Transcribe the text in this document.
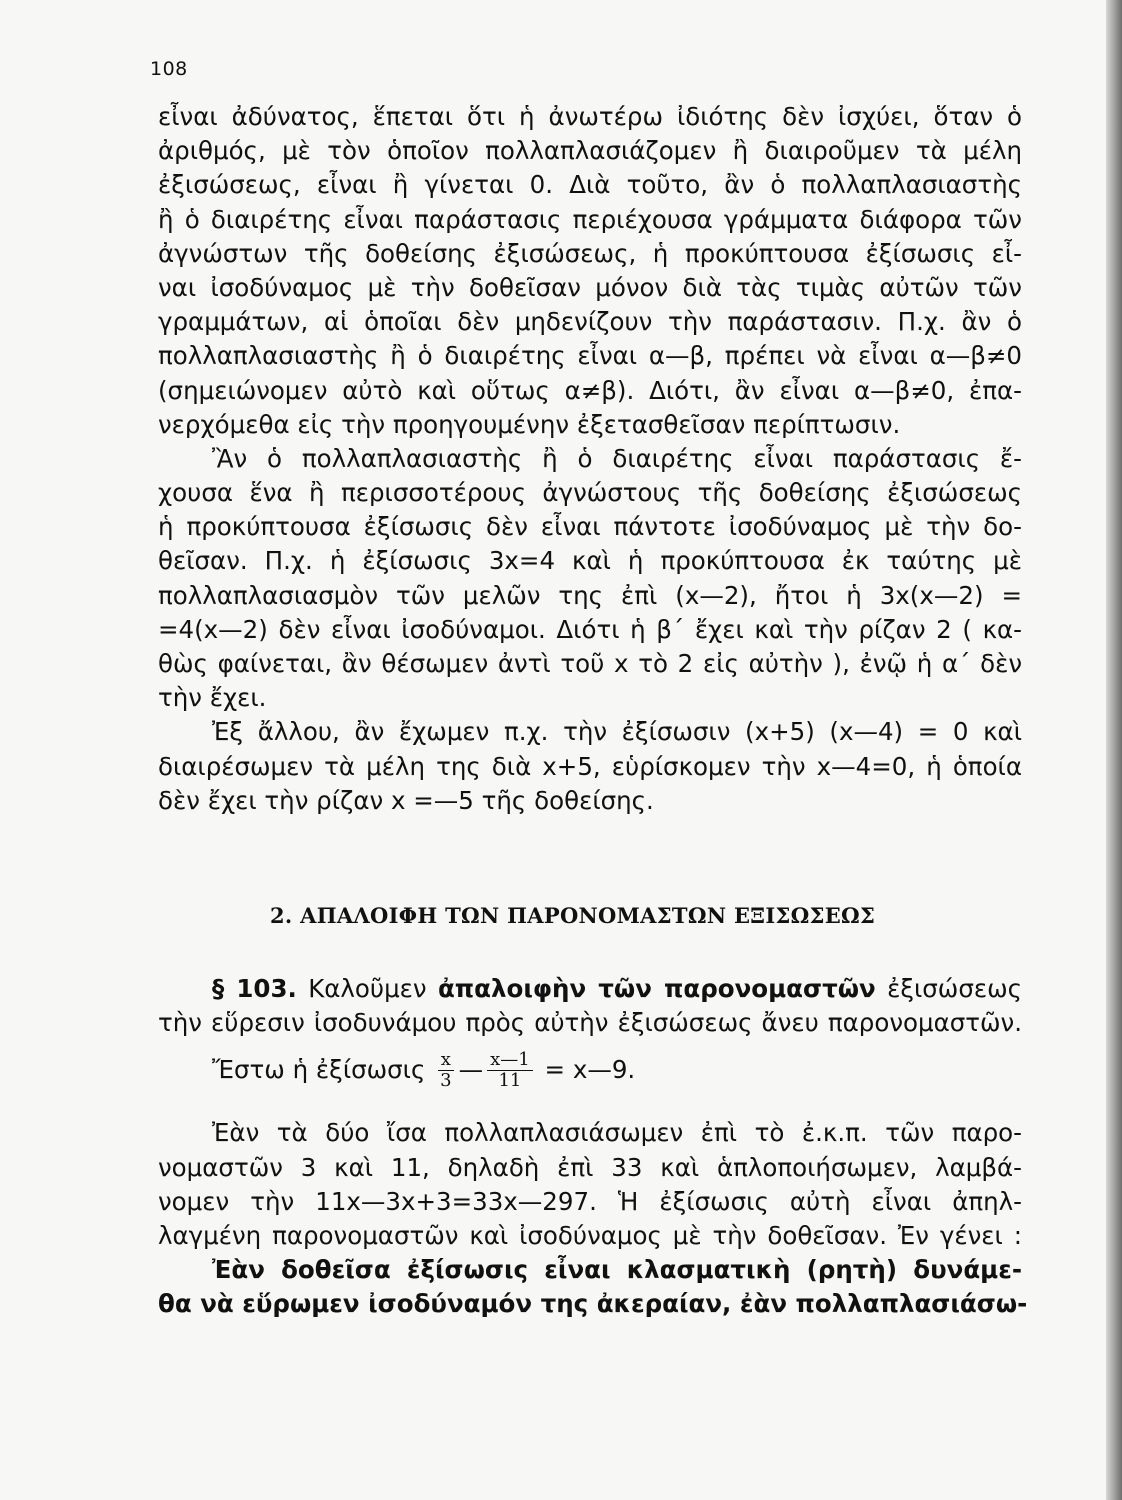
108
εἶναι ἀδύνατος, ἕπεται ὅτι ἡ ἀνωτέρω ἰδιότης δὲν ἰσχύει, ὅταν ὁ
ἀριθμός, μὲ τὸν ὁποῖον πολλαπλασιάζομεν ἢ διαιροῦμεν τὰ μέλη
ἐξισώσεως, εἶναι ἢ γίνεται 0. Διὰ τοῦτο, ἂν ὁ πολλαπλασιαστὴς
ἢ ὁ διαιρέτης εἶναι παράστασις περιέχουσα γράμματα διάφορα τῶν
ἀγνώστων τῆς δοθείσης ἐξισώσεως, ἡ προκύπτουσα ἐξίσωσις εἶ-
ναι ἰσοδύναμος μὲ τὴν δοθεῖσαν μόνον διὰ τὰς τιμὰς αὐτῶν τῶν
γραμμάτων, αἱ ὁποῖαι δὲν μηδενίζουν τὴν παράστασιν. Π.χ. ἂν ὁ
πολλαπλασιαστὴς ἢ ὁ διαιρέτης εἶναι α—β, πρέπει νὰ εἶναι α—β≠0
(σημειώνομεν αὐτὸ καὶ οὕτως α≠β). Διότι, ἂν εἶναι α—β≠0, ἐπα-
νερχόμεθα εἰς τὴν προηγουμένην ἐξετασθεῖσαν περίπτωσιν.
Ἂν ὁ πολλαπλασιαστὴς ἢ ὁ διαιρέτης εἶναι παράστασις ἔ-
χουσα ἕνα ἢ περισσοτέρους ἀγνώστους τῆς δοθείσης ἐξισώσεως
ἡ προκύπτουσα ἐξίσωσις δὲν εἶναι πάντοτε ἰσοδύναμος μὲ τὴν δο-
θεῖσαν. Π.χ. ἡ ἐξίσωσις 3x=4 καὶ ἡ προκύπτουσα ἐκ ταύτης μὲ
πολλαπλασιασμὸν τῶν μελῶν της ἐπὶ (x—2), ἤτοι ἡ 3x(x—2) =
=4(x—2) δὲν εἶναι ἰσοδύναμοι. Διότι ἡ β΄ ἔχει καὶ τὴν ρίζαν 2 ( κα-
θὼς φαίνεται, ἂν θέσωμεν ἀντὶ τοῦ x τὸ 2 εἰς αὐτὴν ), ἐνῷ ἡ α΄ δὲν
τὴν ἔχει.
Ἐξ ἄλλου, ἂν ἔχωμεν π.χ. τὴν ἐξίσωσιν (x+5) (x—4) = 0 καὶ
διαιρέσωμεν τὰ μέλη της διὰ x+5, εὑρίσκομεν τὴν x—4=0, ἡ ὁποία
δὲν ἔχει τὴν ρίζαν x =—5 τῆς δοθείσης.
2. ΑΠΑΛΟΙΦΗ ΤΩΝ ΠΑΡΟΝΟΜΑΣΤΩΝ ΕΞΙΣΩΣΕΩΣ
§ 103. Καλοῦμεν ἀπαλοιφὴν τῶν παρονομαστῶν ἐξισώσεως
τὴν εὕρεσιν ἰσοδυνάμου πρὸς αὐτὴν ἐξισώσεως ἄνευ παρονομαστῶν.
Ἔστω ἡ ἐξίσωσις
$\frac{x}{3}$ — $\frac{x—1}{11}$
= x—9.
Ἐὰν τὰ δύο ἴσα πολλαπλασιάσωμεν ἐπὶ τὸ ἐ.κ.π. τῶν παρο-
νομαστῶν 3 καὶ 11, δηλαδὴ ἐπὶ 33 καὶ ἁπλοποιήσωμεν, λαμβά-
νομεν τὴν 11x—3x+3=33x—297. Ἡ ἐξίσωσις αὐτὴ εἶναι ἀπηλ-
λαγμένη παρονομαστῶν καὶ ἰσοδύναμος μὲ τὴν δοθεῖσαν. Ἐν γένει :
Ἐὰν δοθεῖσα ἐξίσωσις εἶναι κλασματικὴ (ρητὴ) δυνάμε-
θα νὰ εὕρωμεν ἰσοδύναμόν της ἀκεραίαν, ἐὰν πολλαπλασιάσω-
